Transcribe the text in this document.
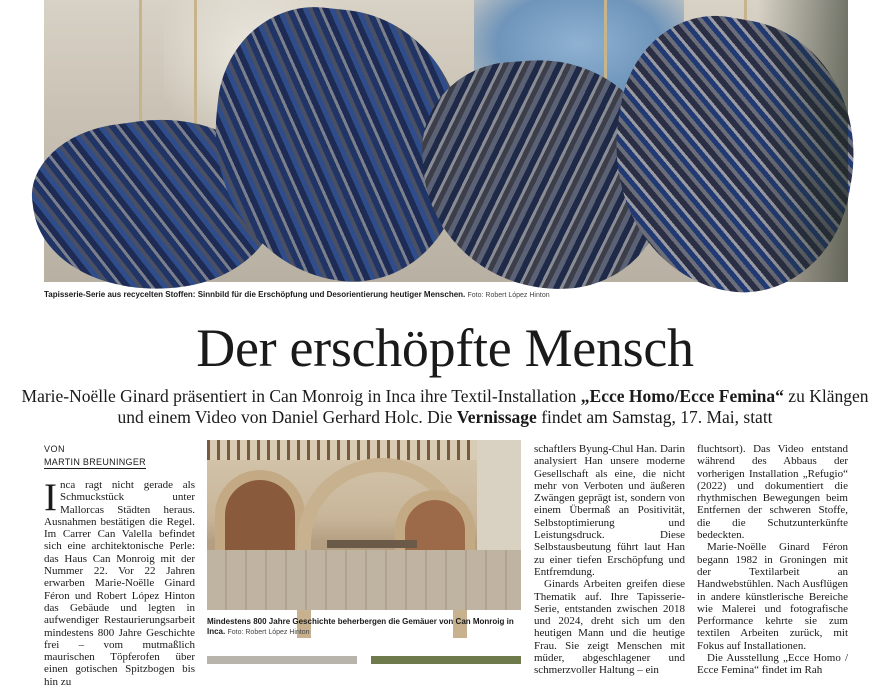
Tapisserie-Serie aus recycelten Stoffen: Sinnbild für die Erschöpfung und Desorientierung heutiger Menschen. Foto: Robert López Hinton
Der erschöpfte Mensch
Marie-Noëlle Ginard präsentiert in Can Monroig in Inca ihre Textil-Installation „Ecce Homo/Ecce Femina“ zu Klängen und einem Video von Daniel Gerhard Holc. Die Vernissage findet am Samstag, 17. Mai, statt
VON
MARTIN BREUNINGER
I nca ragt nicht gerade als Schmuckstück unter Mallorcas Städten heraus. Ausnahmen bestätigen die Regel. Im Carrer Can Valella befindet sich eine architektonische Perle: das Haus Can Monroig mit der Nummer 22. Vor 22 Jahren erwarben Marie-Noëlle Ginard Féron und Robert López Hinton das Gebäude und legten in aufwendiger Restaurierungsarbeit mindestens 800 Jahre Geschichte frei – vom mutmaßlich maurischen Töpferofen über einen gotischen Spitzbogen bis hin zu

Mindestens 800 Jahre Geschichte beherbergen die Gemäuer von Can Monroig in Inca. Foto: Robert López Hinton

schaftlers Byung-Chul Han. Darin analysiert Han unsere moderne Gesellschaft als eine, die nicht mehr von Verboten und äußeren Zwängen geprägt ist, sondern von einem Übermaß an Positivität, Selbstoptimierung und Leistungsdruck. Diese Selbstausbeutung führt laut Han zu einer tiefen Erschöpfung und Entfremdung.

Ginards Arbeiten greifen diese Thematik auf. Ihre Tapisserie-Serie, entstanden zwischen 2018 und 2024, dreht sich um den heutigen Mann und die heutige Frau. Sie zeigt Menschen mit müder, abgeschlagener und schmerzvoller Haltung – ein

fluchtsort). Das Video entstand während des Abbaus der vorherigen Installation „Refugio“ (2022) und dokumentiert die rhythmischen Bewegungen beim Entfernen der schweren Stoffe, die die Schutzunterkünfte bedeckten.

Marie-Noëlle Ginard Féron begann 1982 in Groningen mit der Textilarbeit an Handwebstühlen. Nach Ausflügen in andere künstlerische Bereiche wie Malerei und fotografische Performance kehrte sie zum textilen Arbeiten zurück, mit Fokus auf Installationen.

Die Ausstellung „Ecce Homo / Ecce Femina“ findet im Rah
